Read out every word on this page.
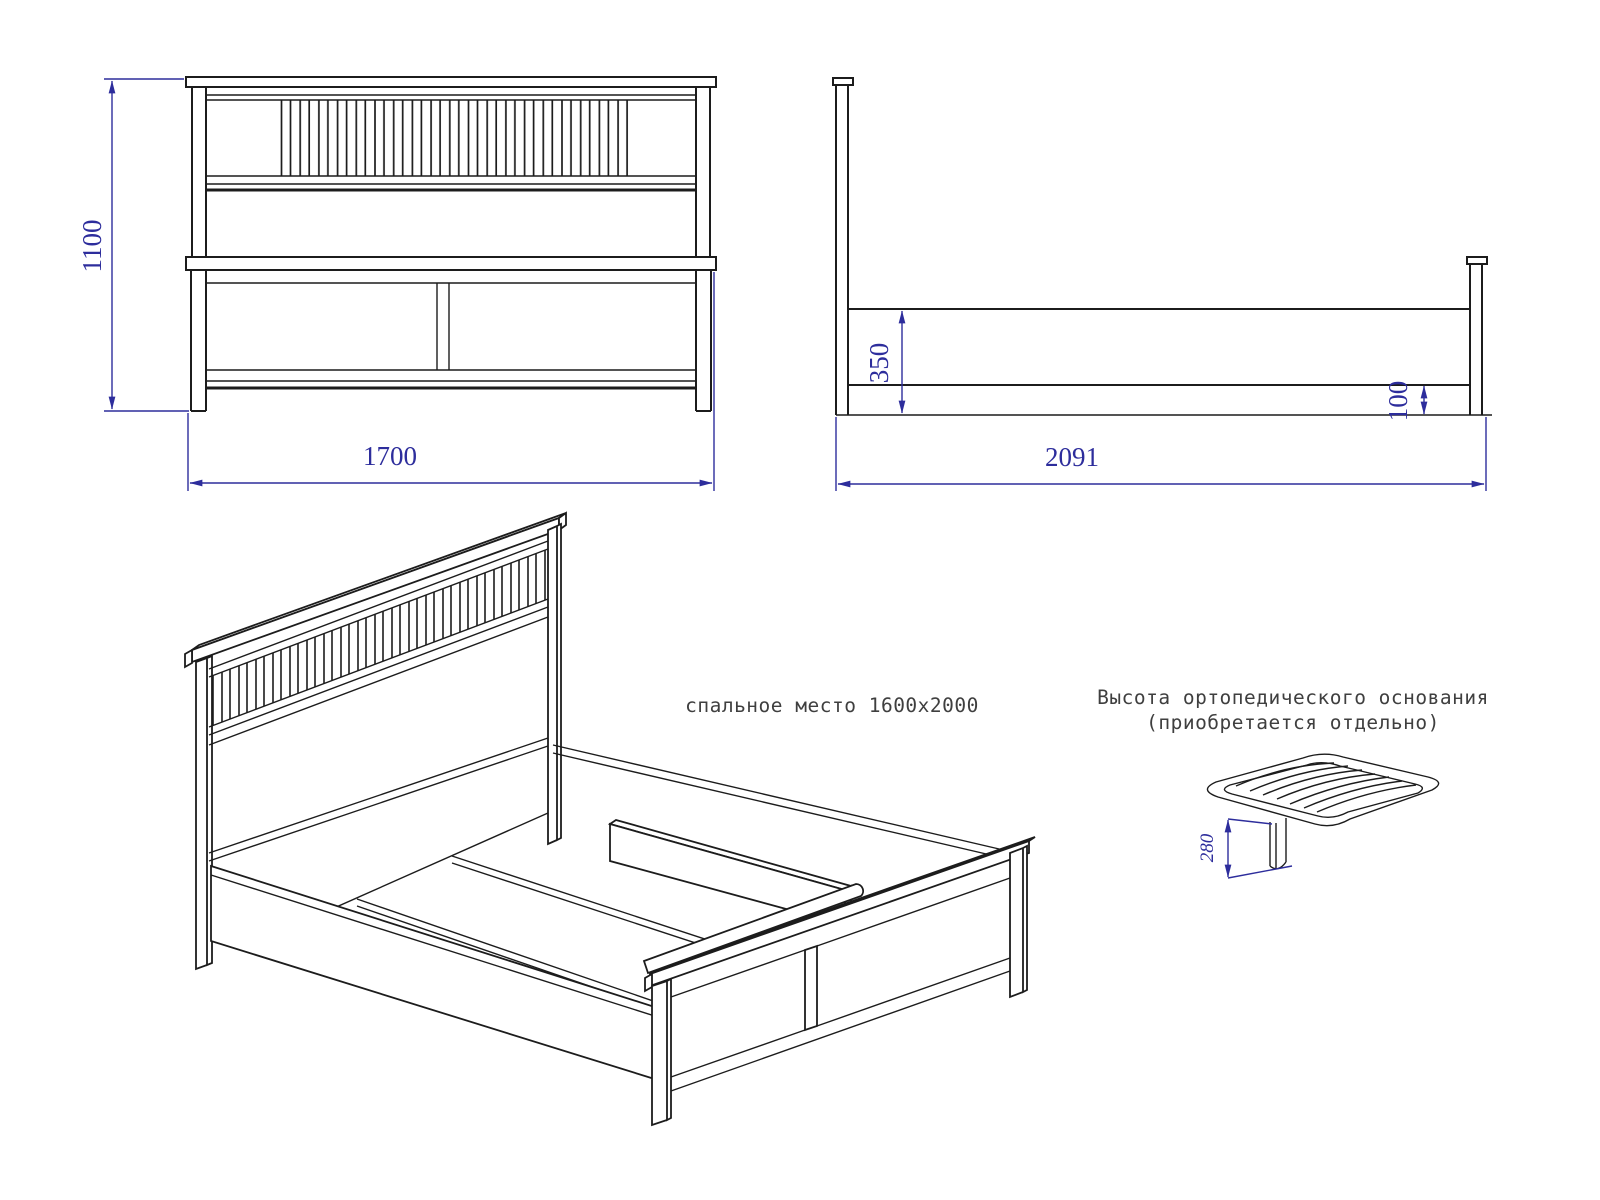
1100
1700
350
100
2091
спальное место 1600x2000	Высота ортопедического основания
(приобретается отдельно)
280
